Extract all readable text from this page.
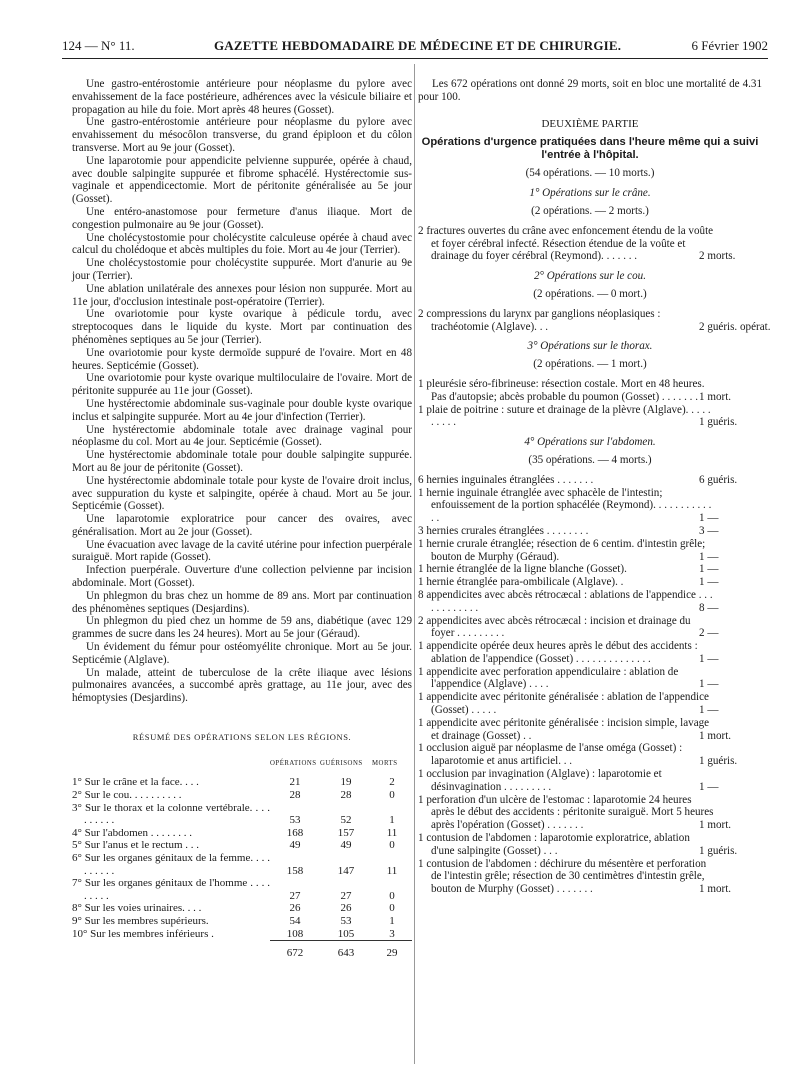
124 — N° 11.	GAZETTE HEBDOMADAIRE DE MÉDECINE ET DE CHIRURGIE.	6 Février 1902
Une gastro-entérostomie antérieure pour néoplasme du pylore avec envahissement de la face postérieure, adhérences avec la vésicule biliaire et propagation au hile du foie. Mort après 48 heures (Gosset).
Une gastro-entérostomie antérieure pour néoplasme du pylore avec envahissement du mésocôlon transverse, du grand épiploon et du côlon transverse. Mort au 9e jour (Gosset).
Une laparotomie pour appendicite pelvienne suppurée, opérée à chaud, avec double salpingite suppurée et fibrome sphacélé. Hystérectomie sus-vaginale et appendicectomie. Mort de péritonite généralisée au 5e jour (Gosset).
Une entéro-anastomose pour fermeture d'anus iliaque. Mort de congestion pulmonaire au 9e jour (Gosset).
Une cholécystostomie pour cholécystite calculeuse opérée à chaud avec calcul du cholédoque et abcès multiples du foie. Mort au 4e jour (Terrier).
Une cholécystostomie pour cholécystite suppurée. Mort d'anurie au 9e jour (Terrier).
Une ablation unilatérale des annexes pour lésion non suppurée. Mort au 11e jour, d'occlusion intestinale post-opératoire (Terrier).
Une ovariotomie pour kyste ovarique à pédicule tordu, avec streptocoques dans le liquide du kyste. Mort par continuation des phénomènes septiques au 5e jour (Terrier).
Une ovariotomie pour kyste dermoïde suppuré de l'ovaire. Mort en 48 heures. Septicémie (Gosset).
Une ovariotomie pour kyste ovarique multiloculaire de l'ovaire. Mort de péritonite suppurée au 11e jour (Gosset).
Une hystérectomie abdominale sus-vaginale pour double kyste ovarique inclus et salpingite suppurée. Mort au 4e jour d'infection (Terrier).
Une hystérectomie abdominale totale avec drainage vaginal pour néoplasme du col. Mort au 4e jour. Septicémie (Gosset).
Une hystérectomie abdominale totale pour double salpingite suppurée. Mort au 8e jour de péritonite (Gosset).
Une hystérectomie abdominale totale pour kyste de l'ovaire droit inclus, avec suppuration du kyste et salpingite, opérée à chaud. Mort au 5e jour. Septicémie (Gosset).
Une laparotomie exploratrice pour cancer des ovaires, avec généralisation. Mort au 2e jour (Gosset).
Une évacuation avec lavage de la cavité utérine pour infection puerpérale suraiguë. Mort rapide (Gosset).
Infection puerpérale. Ouverture d'une collection pelvienne par incision abdominale. Mort (Gosset).
Un phlegmon du bras chez un homme de 89 ans. Mort par continuation des phénomènes septiques (Desjardins).
Un phlegmon du pied chez un homme de 59 ans, diabétique (avec 129 grammes de sucre dans les 24 heures). Mort au 5e jour (Géraud).
Un évidement du fémur pour ostéomyélite chronique. Mort au 5e jour. Septicémie (Alglave).
Un malade, atteint de tuberculose de la crête iliaque avec lésions pulmonaires avancées, a succombé après grattage, au 11e jour, avec des hémoptysies (Desjardins).
RÉSUMÉ DES OPÉRATIONS SELON LES RÉGIONS.
	OPÉRATIONS	GUÉRISONS	MORTS
1° Sur le crâne et la face. . . .	21	19	2
2° Sur le cou. . . . . . . . . .	28	28	0
3° Sur le thorax et la colonne vertébrale. . . . . . . . . .	53	52	1
4° Sur l'abdomen . . . . . . . .	168	157	11
5° Sur l'anus et le rectum . . .	49	49	0
6° Sur les organes génitaux de la femme. . . . . . . . . .	158	147	11
7° Sur les organes génitaux de l'homme . . . . . . . . .	27	27	0
8° Sur les voies urinaires. . . .	26	26	0
9° Sur les membres supérieurs.	54	53	1
10° Sur les membres inférieurs .	108	105	3
	672	643	29
Les 672 opérations ont donné 29 morts, soit en bloc une mortalité de 4.31 pour 100.
DEUXIÈME PARTIE
Opérations d'urgence pratiquées dans l'heure même qui a suivi l'entrée à l'hôpital.
(54 opérations. — 10 morts.)
1° Opérations sur le crâne.
(2 opérations. — 2 morts.)
2 fractures ouvertes du crâne avec enfoncement étendu de la voûte et foyer cérébral infecté. Résection étendue de la voûte et drainage du foyer cérébral (Reymond). . . . . . .	2 morts.
2° Opérations sur le cou.
(2 opérations. — 0 mort.)
2 compressions du larynx par ganglions néoplasiques : trachéotomie (Alglave). . .	2 guéris. opérat.
3° Opérations sur le thorax.
(2 opérations. — 1 mort.)
1 pleurésie séro-fibrineuse: résection costale. Mort en 48 heures. Pas d'autopsie; abcès probable du poumon (Gosset) . . . . . . . 1 mort.
1 plaie de poitrine : suture et drainage de la plèvre (Alglave). . . . . . . . . .	1 guéris.
4° Opérations sur l'abdomen.
(35 opérations. — 4 morts.)
6 hernies inguinales étranglées . . . . . . .	6 guéris.
1 hernie inguinale étranglée avec sphacèle de l'intestin; enfouissement de la portion sphacélée (Reymond). . . . . . . . . . . . .	1 —
3 hernies crurales étranglées . . . . . . . .	3 —
1 hernie crurale étranglée; résection de 6 centim. d'intestin grêle; bouton de Murphy (Géraud).	1 —
1 hernie étranglée de la ligne blanche (Gosset).	1 —
1 hernie étranglée para-ombilicale (Alglave). .	1 —
8 appendicites avec abcès rétrocæcal : ablations de l'appendice . . . . . . . . . . . .	8 —
2 appendicites avec abcès rétrocæcal : incision et drainage du foyer . . . . . . . . .	2 —
1 appendicite opérée deux heures après le début des accidents : ablation de l'appendice (Gosset) . . . . . . . . . . . . . .	1 —
1 appendicite avec perforation appendiculaire : ablation de l'appendice (Alglave) . . . .	1 —
1 appendicite avec péritonite généralisée : ablation de l'appendice (Gosset) . . . . .	1 —
1 appendicite avec péritonite généralisée : incision simple, lavage et drainage (Gosset) . .	1 mort.
1 occlusion aiguë par néoplasme de l'anse oméga (Gosset) : laparotomie et anus artificiel. . .	1 guéris.
1 occlusion par invagination (Alglave) : laparotomie et désinvagination . . . . . . . . .	1 —
1 perforation d'un ulcère de l'estomac : laparotomie 24 heures après le début des accidents : péritonite suraiguë. Mort 5 heures après l'opération (Gosset) . . . . . . .	1 mort.
1 contusion de l'abdomen : laparotomie exploratrice, ablation d'une salpingite (Gosset) . . .	1 guéris.
1 contusion de l'abdomen : déchirure du mésentère et perforation de l'intestin grêle; résection de 30 centimètres d'intestin grêle, bouton de Murphy (Gosset) . . . . . . .	1 mort.
